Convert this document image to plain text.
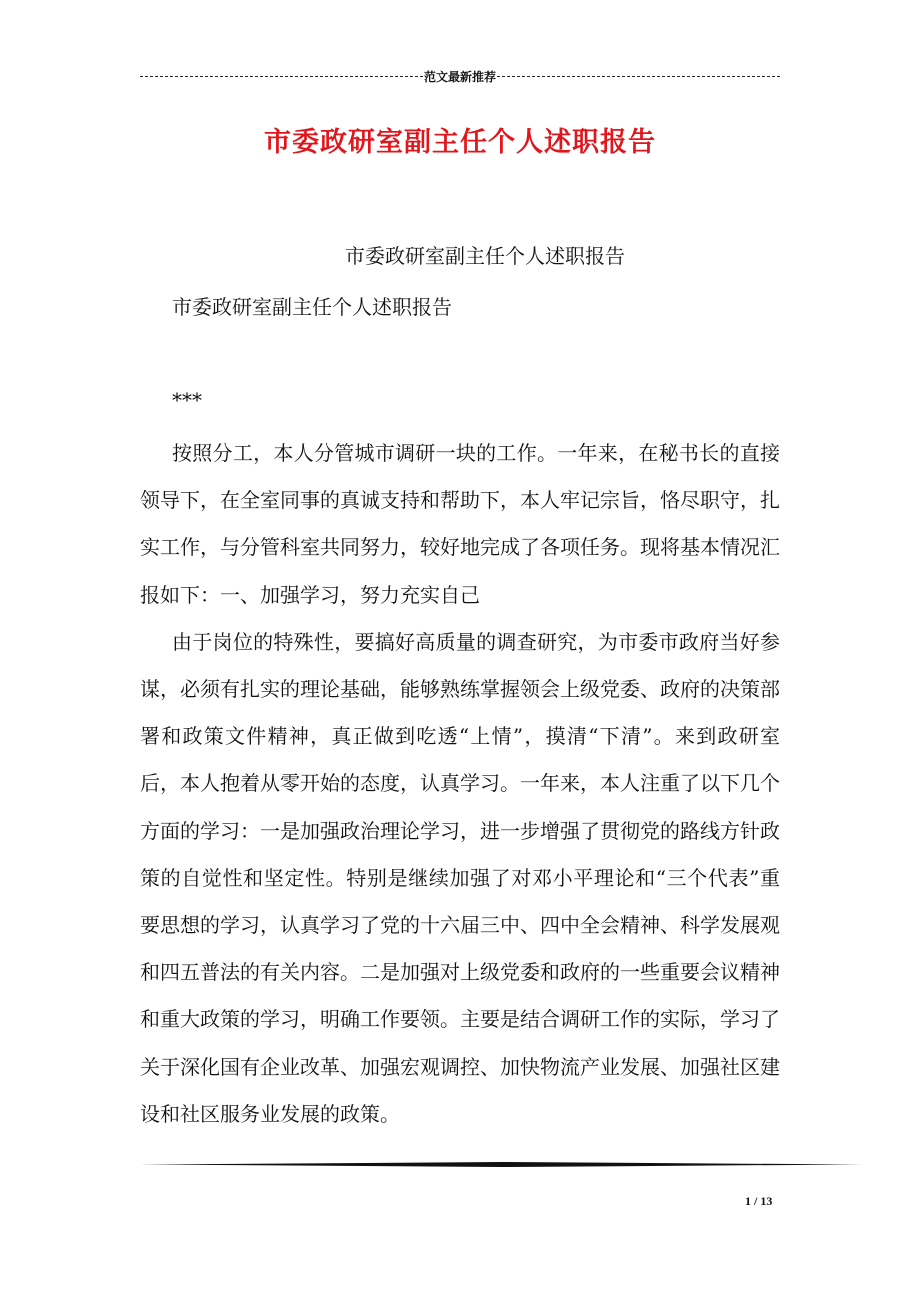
范文最新推荐
市委政研室副主任个人述职报告
市委政研室副主任个人述职报告
市委政研室副主任个人述职报告
***

按照分工，本人分管城市调研一块的工作。一年来，在秘书长的直接领导下，在全室同事的真诚支持和帮助下，本人牢记宗旨，恪尽职守，扎实工作，与分管科室共同努力，较好地完成了各项任务。现将基本情况汇报如下：一、加强学习，努力充实自己

由于岗位的特殊性，要搞好高质量的调查研究，为市委市政府当好参谋，必须有扎实的理论基础，能够熟练掌握领会上级党委、政府的决策部署和政策文件精神，真正做到吃透“上情”，摸清“下清”。来到政研室后，本人抱着从零开始的态度，认真学习。一年来，本人注重了以下几个方面的学习：一是加强政治理论学习，进一步增强了贯彻党的路线方针政策的自觉性和坚定性。特别是继续加强了对邓小平理论和“三个代表”重要思想的学习，认真学习了党的十六届三中、四中全会精神、科学发展观和四五普法的有关内容。二是加强对上级党委和政府的一些重要会议精神和重大政策的学习，明确工作要领。主要是结合调研工作的实际，学习了关于深化国有企业改革、加强宏观调控、加快物流产业发展、加强社区建设和社区服务业发展的政策。

1 / 13
